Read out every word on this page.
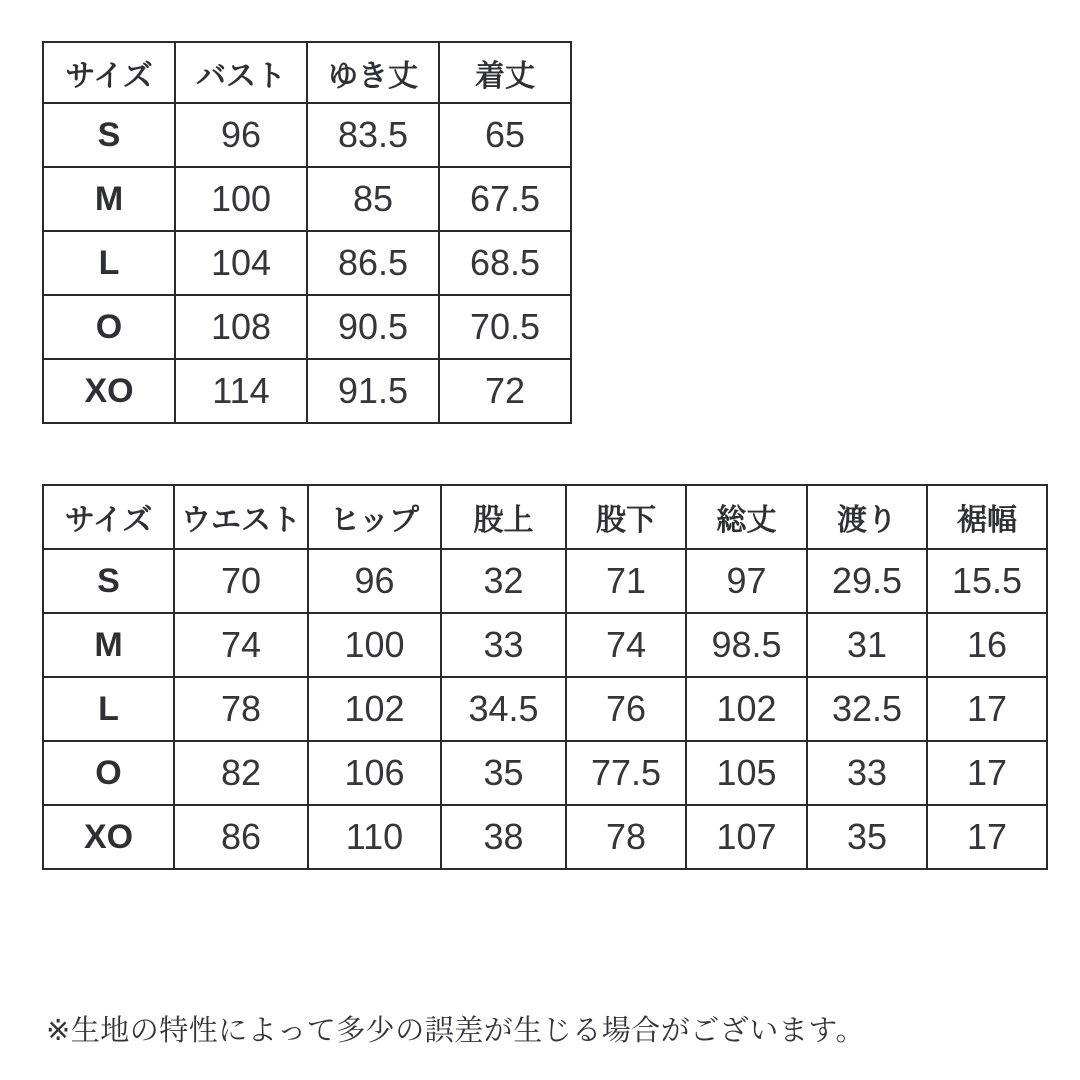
サイズ	バスト	ゆき丈	着丈
S	96	83.5	65
M	100	85	67.5
L	104	86.5	68.5
O	108	90.5	70.5
XO	114	91.5	72
サイズ	ウエスト	ヒップ	股上	股下	総丈	渡り	裾幅
S	70	96	32	71	97	29.5	15.5
M	74	100	33	74	98.5	31	16
L	78	102	34.5	76	102	32.5	17
O	82	106	35	77.5	105	33	17
XO	86	110	38	78	107	35	17
※生地の特性によって多少の誤差が生じる場合がございます。
